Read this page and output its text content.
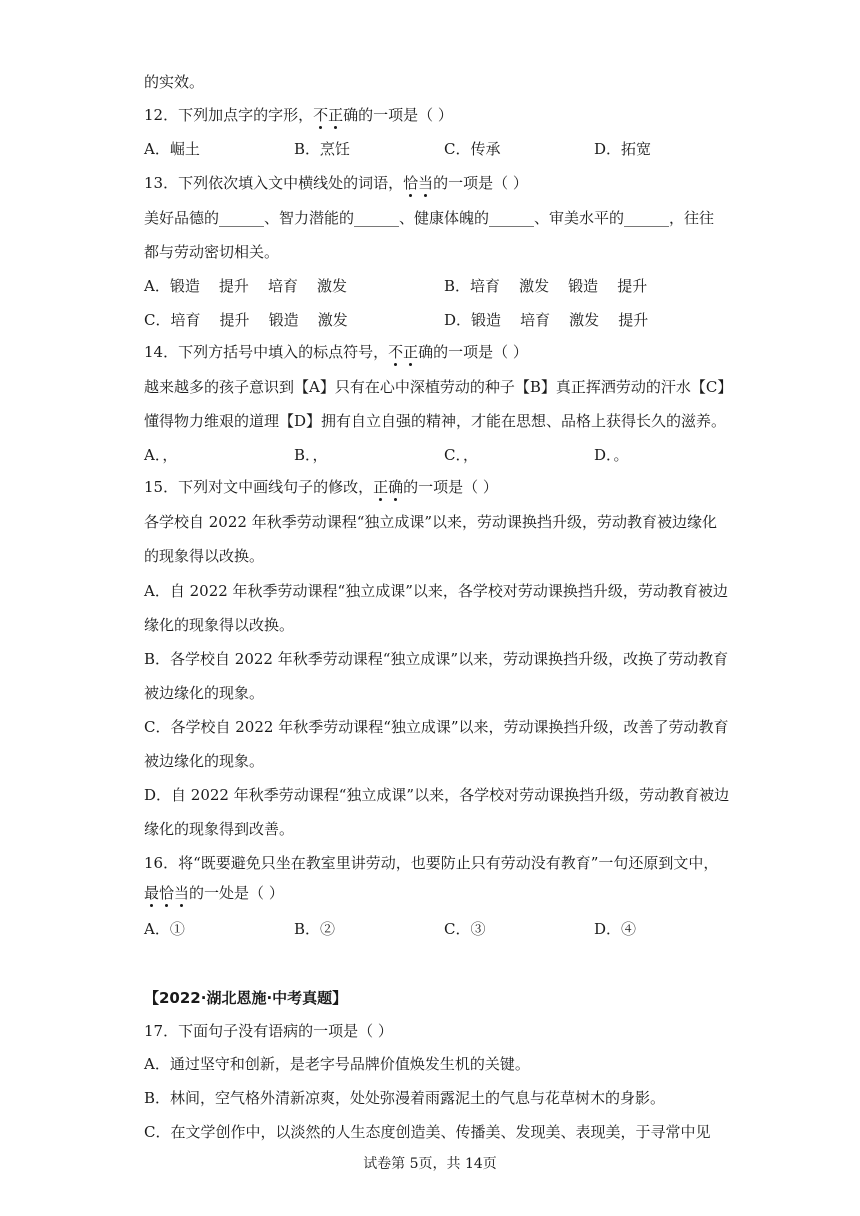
的实效。
12．下列加点字的字形，不正确的一项是（ ）
A．崛土	B．烹饪	C．传承	D．拓宽
13．下列依次填入文中横线处的词语，恰当的一项是（ ）
美好品德的______、智力潜能的______、健康体魄的______、审美水平的______，往往
都与劳动密切相关。
A．锻造    提升    培育    激发	B．培育    激发    锻造    提升
C．培育    提升    锻造    激发	D．锻造    培育    激发    提升
14．下列方括号中填入的标点符号，不正确的一项是（ ）
越来越多的孩子意识到【A】只有在心中深植劳动的种子【B】真正挥洒劳动的汗水【C】
懂得物力维艰的道理【D】拥有自立自强的精神，才能在思想、品格上获得长久的滋养。
A．，	B．，	C．，	D．。
15．下列对文中画线句子的修改，正确的一项是（ ）
各学校自 2022 年秋季劳动课程“独立成课”以来，劳动课换挡升级，劳动教育被边缘化
的现象得以改换。
A．自 2022 年秋季劳动课程“独立成课”以来，各学校对劳动课换挡升级，劳动教育被边
缘化的现象得以改换。
B．各学校自 2022 年秋季劳动课程“独立成课”以来，劳动课换挡升级，改换了劳动教育
被边缘化的现象。
C．各学校自 2022 年秋季劳动课程“独立成课”以来，劳动课换挡升级，改善了劳动教育
被边缘化的现象。
D．自 2022 年秋季劳动课程“独立成课”以来，各学校对劳动课换挡升级，劳动教育被边
缘化的现象得到改善。
16．将“既要避免只坐在教室里讲劳动，也要防止只有劳动没有教育”一句还原到文中，
最恰当的一处是（ ）
A．①	B．②	C．③	D．④
【2022·湖北恩施·中考真题】
17．下面句子没有语病的一项是（ ）
A．通过坚守和创新，是老字号品牌价值焕发生机的关键。
B．林间，空气格外清新凉爽，处处弥漫着雨露泥土的气息与花草树木的身影。
C．在文学创作中，以淡然的人生态度创造美、传播美、发现美、表现美，于寻常中见
试卷第 5页，共 14页
